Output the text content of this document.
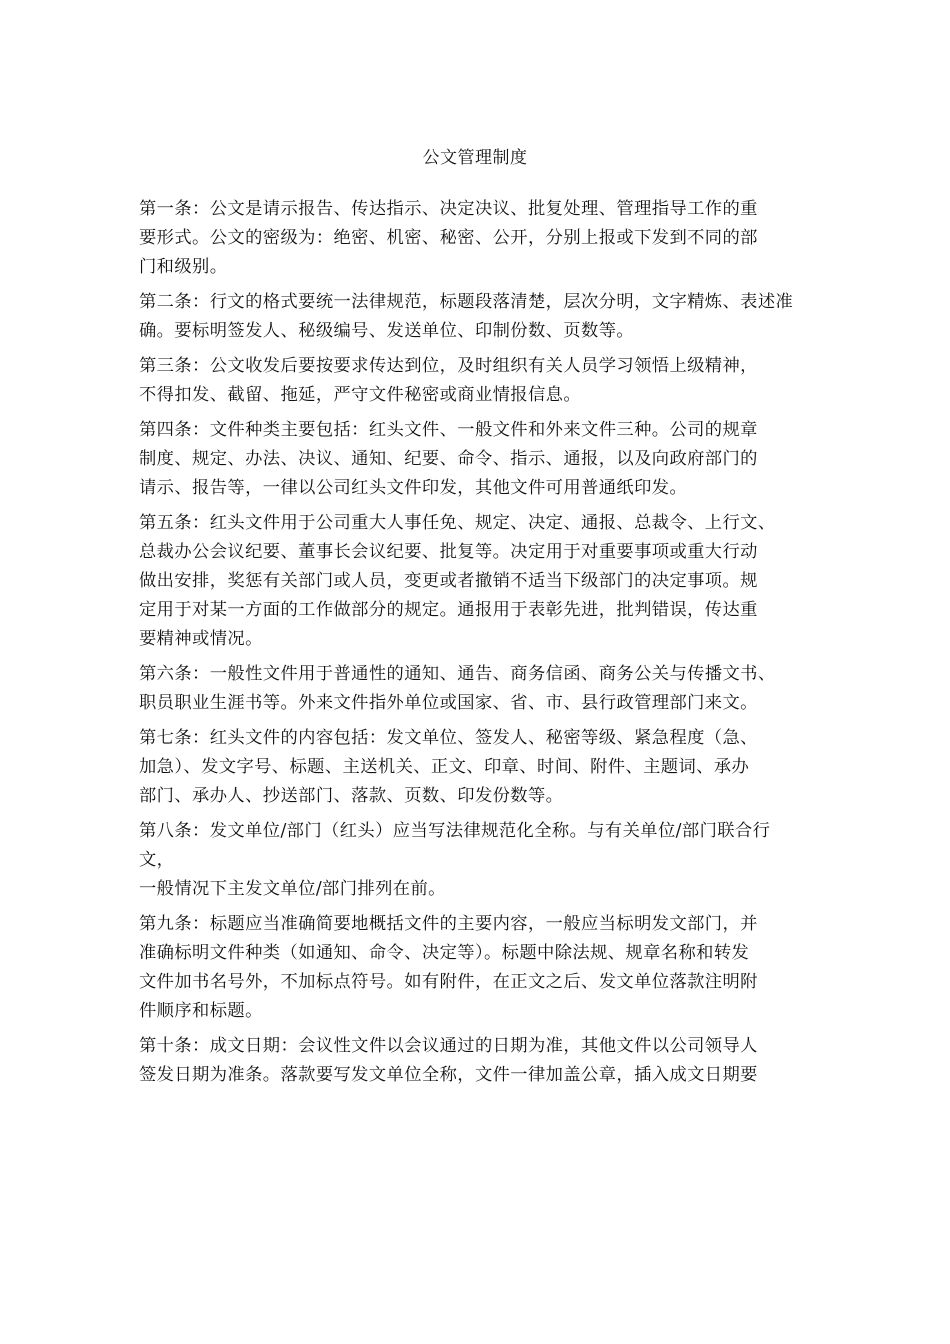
公文管理制度
第一条：公文是请示报告、传达指示、决定决议、批复处理、管理指导工作的重
要形式。公文的密级为：绝密、机密、秘密、公开，分别上报或下发到不同的部
门和级别。
第二条：行文的格式要统一法律规范，标题段落清楚，层次分明，文字精炼、表述准
确。要标明签发人、秘级编号、发送单位、印制份数、页数等。
第三条：公文收发后要按要求传达到位，及时组织有关人员学习领悟上级精神，
不得扣发、截留、拖延，严守文件秘密或商业情报信息。
第四条：文件种类主要包括：红头文件、一般文件和外来文件三种。公司的规章
制度、规定、办法、决议、通知、纪要、命令、指示、通报，以及向政府部门的
请示、报告等，一律以公司红头文件印发，其他文件可用普通纸印发。
第五条：红头文件用于公司重大人事任免、规定、决定、通报、总裁令、上行文、
总裁办公会议纪要、董事长会议纪要、批复等。决定用于对重要事项或重大行动
做出安排，奖惩有关部门或人员，变更或者撤销不适当下级部门的决定事项。规
定用于对某一方面的工作做部分的规定。通报用于表彰先进，批判错误，传达重
要精神或情况。
第六条：一般性文件用于普通性的通知、通告、商务信函、商务公关与传播文书、
职员职业生涯书等。外来文件指外单位或国家、省、市、县行政管理部门来文。
第七条：红头文件的内容包括：发文单位、签发人、秘密等级、紧急程度（急、
加急）、发文字号、标题、主送机关、正文、印章、时间、附件、主题词、承办
部门、承办人、抄送部门、落款、页数、印发份数等。
第八条：发文单位/部门（红头）应当写法律规范化全称。与有关单位/部门联合行
文，
一般情况下主发文单位/部门排列在前。
第九条：标题应当准确简要地概括文件的主要内容，一般应当标明发文部门，并
准确标明文件种类（如通知、命令、决定等）。标题中除法规、规章名称和转发
文件加书名号外，不加标点符号。如有附件，在正文之后、发文单位落款注明附
件顺序和标题。
第十条：成文日期：会议性文件以会议通过的日期为准，其他文件以公司领导人
签发日期为准条。落款要写发文单位全称，文件一律加盖公章，插入成文日期要
